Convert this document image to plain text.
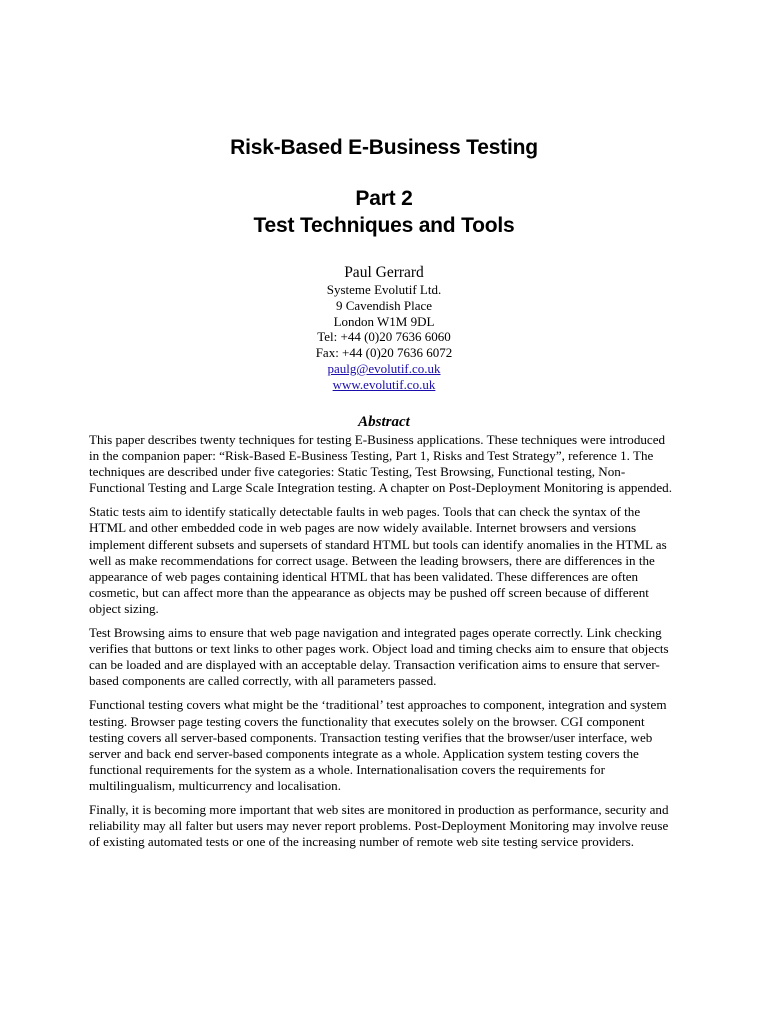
Risk-Based E-Business Testing
Part 2
Test Techniques and Tools
Paul Gerrard
Systeme Evolutif Ltd.
9 Cavendish Place
London W1M 9DL
Tel: +44 (0)20 7636 6060
Fax: +44 (0)20 7636 6072
paulg@evolutif.co.uk
www.evolutif.co.uk
Abstract

This paper describes twenty techniques for testing E-Business applications. These techniques were introduced in the companion paper: “Risk-Based E-Business Testing, Part 1, Risks and Test Strategy”, reference 1. The techniques are described under five categories: Static Testing, Test Browsing, Functional testing, Non-Functional Testing and Large Scale Integration testing. A chapter on Post-Deployment Monitoring is appended.

Static tests aim to identify statically detectable faults in web pages. Tools that can check the syntax of the HTML and other embedded code in web pages are now widely available. Internet browsers and versions implement different subsets and supersets of standard HTML but tools can identify anomalies in the HTML as well as make recommendations for correct usage. Between the leading browsers, there are differences in the appearance of web pages containing identical HTML that has been validated. These differences are often cosmetic, but can affect more than the appearance as objects may be pushed off screen because of different object sizing.

Test Browsing aims to ensure that web page navigation and integrated pages operate correctly. Link checking verifies that buttons or text links to other pages work. Object load and timing checks aim to ensure that objects can be loaded and are displayed with an acceptable delay. Transaction verification aims to ensure that server-based components are called correctly, with all parameters passed.

Functional testing covers what might be the ‘traditional’ test approaches to component, integration and system testing. Browser page testing covers the functionality that executes solely on the browser. CGI component testing covers all server-based components. Transaction testing verifies that the browser/user interface, web server and back end server-based components integrate as a whole. Application system testing covers the functional requirements for the system as a whole. Internationalisation covers the requirements for multilingualism, multicurrency and localisation.

Finally, it is becoming more important that web sites are monitored in production as performance, security and reliability may all falter but users may never report problems. Post-Deployment Monitoring may involve reuse of existing automated tests or one of the increasing number of remote web site testing service providers.
